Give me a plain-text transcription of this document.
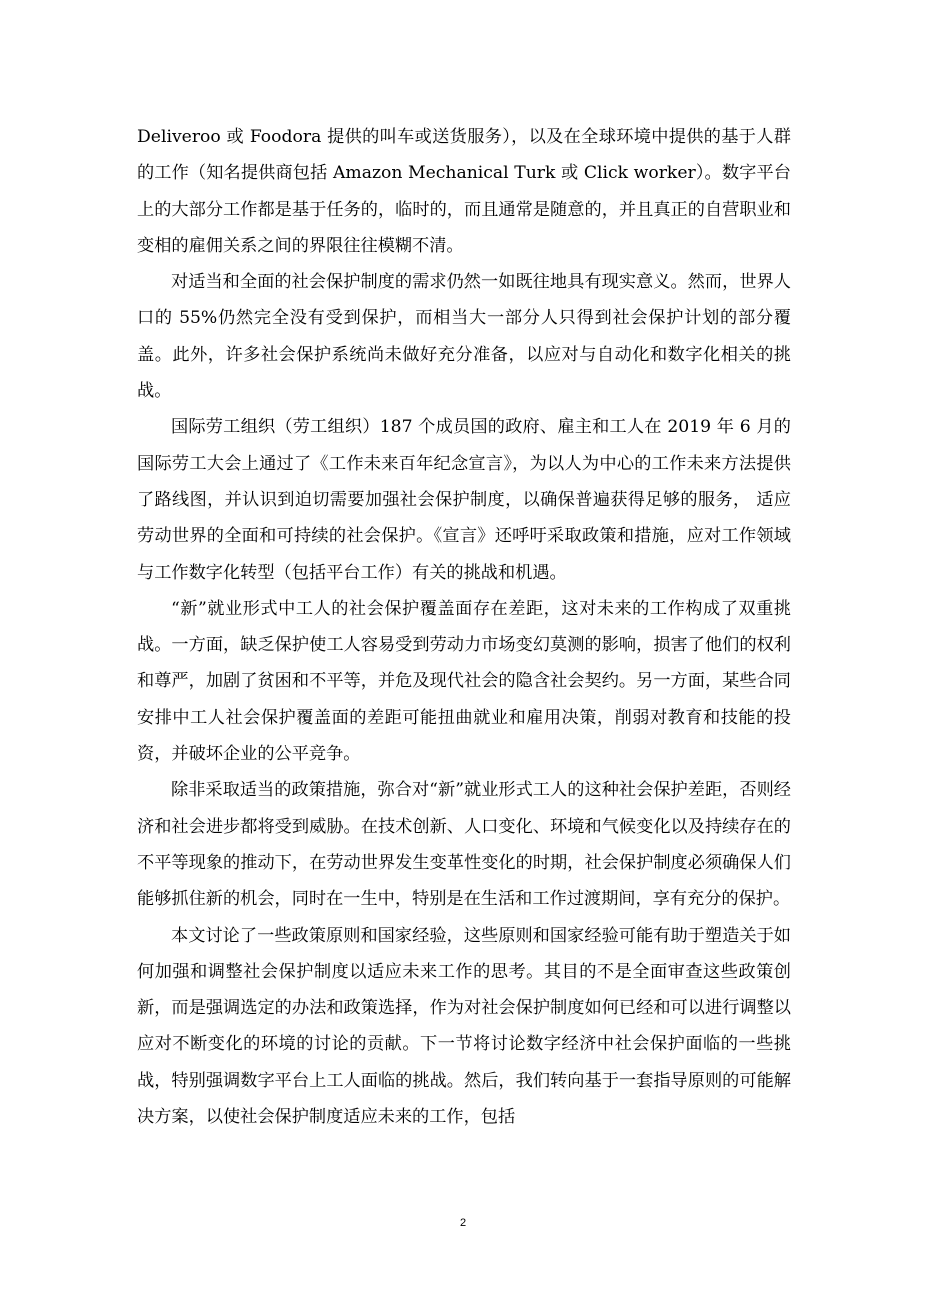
Deliveroo 或 Foodora 提供的叫车或送货服务），以及在全球环境中提供的基于人群的工作（知名提供商包括 Amazon Mechanical Turk 或 Click worker）。数字平台上的大部分工作都是基于任务的，临时的，而且通常是随意的，并且真正的自营职业和变相的雇佣关系之间的界限往往模糊不清。

对适当和全面的社会保护制度的需求仍然一如既往地具有现实意义。然而，世界人口的 55%仍然完全没有受到保护，而相当大一部分人只得到社会保护计划的部分覆盖。此外，许多社会保护系统尚未做好充分准备，以应对与自动化和数字化相关的挑战。

国际劳工组织（劳工组织）187 个成员国的政府、雇主和工人在 2019 年 6 月的国际劳工大会上通过了《工作未来百年纪念宣言》，为以人为中心的工作未来方法提供了路线图，并认识到迫切需要加强社会保护制度，以确保普遍获得足够的服务， 适应劳动世界的全面和可持续的社会保护。《宣言》还呼吁采取政策和措施，应对工作领域与工作数字化转型（包括平台工作）有关的挑战和机遇。

“新”就业形式中工人的社会保护覆盖面存在差距，这对未来的工作构成了双重挑战。一方面，缺乏保护使工人容易受到劳动力市场变幻莫测的影响，损害了他们的权利和尊严，加剧了贫困和不平等，并危及现代社会的隐含社会契约。另一方面，某些合同安排中工人社会保护覆盖面的差距可能扭曲就业和雇用决策，削弱对教育和技能的投资，并破坏企业的公平竞争。

除非采取适当的政策措施，弥合对“新”就业形式工人的这种社会保护差距，否则经济和社会进步都将受到威胁。在技术创新、人口变化、环境和气候变化以及持续存在的不平等现象的推动下，在劳动世界发生变革性变化的时期，社会保护制度必须确保人们能够抓住新的机会，同时在一生中，特别是在生活和工作过渡期间，享有充分的保护。

本文讨论了一些政策原则和国家经验，这些原则和国家经验可能有助于塑造关于如何加强和调整社会保护制度以适应未来工作的思考。其目的不是全面审查这些政策创新，而是强调选定的办法和政策选择，作为对社会保护制度如何已经和可以进行调整以应对不断变化的环境的讨论的贡献。下一节将讨论数字经济中社会保护面临的一些挑战，特别强调数字平台上工人面临的挑战。然后，我们转向基于一套指导原则的可能解决方案，以使社会保护制度适应未来的工作，包括

2
